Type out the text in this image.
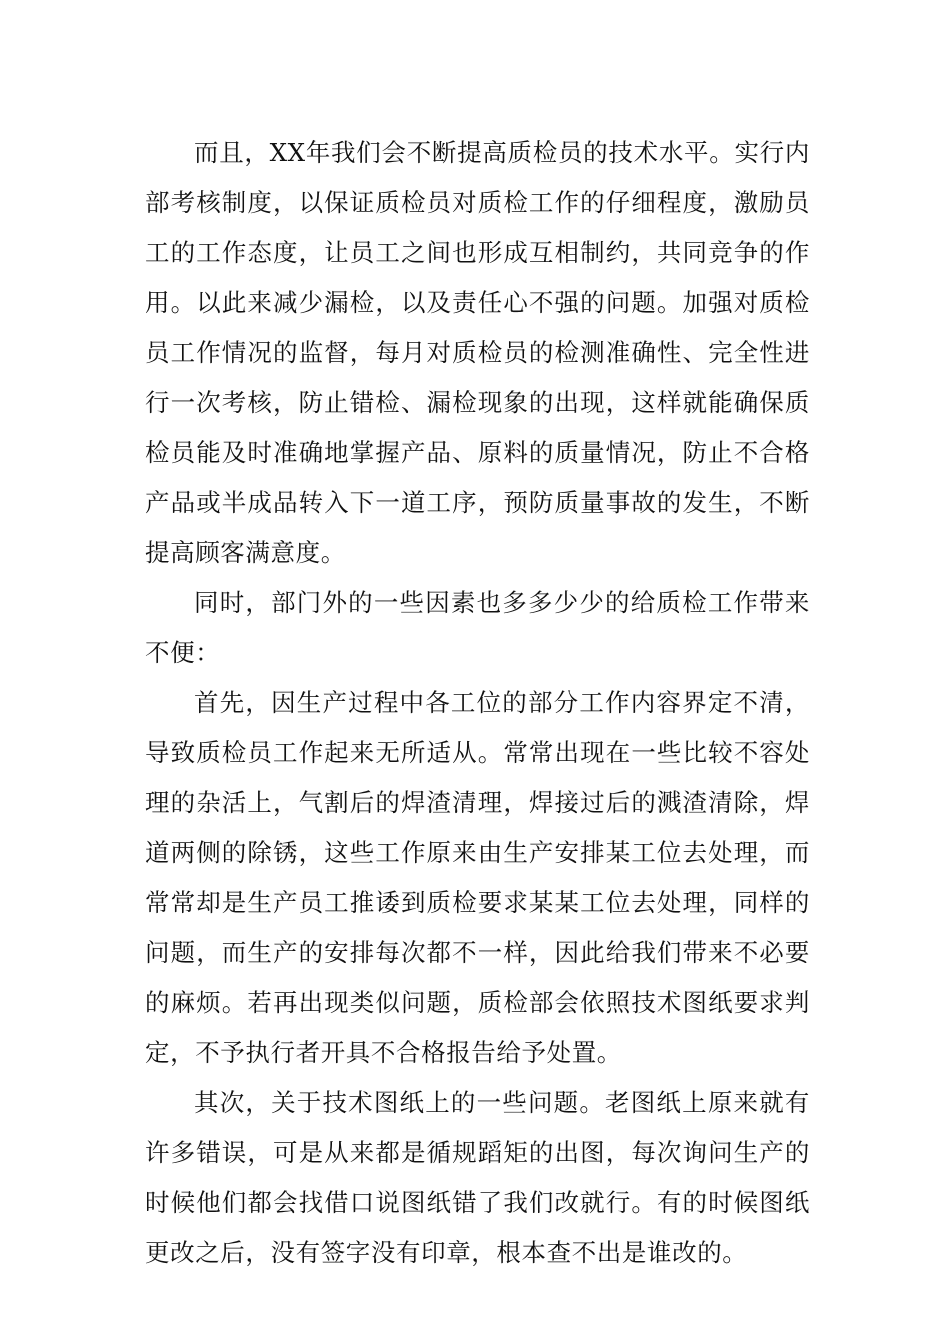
而且，XX年我们会不断提高质检员的技术水平。实行内部考核制度，以保证质检员对质检工作的仔细程度，激励员工的工作态度，让员工之间也形成互相制约，共同竞争的作用。以此来减少漏检，以及责任心不强的问题。加强对质检员工作情况的监督，每月对质检员的检测准确性、完全性进行一次考核，防止错检、漏检现象的出现，这样就能确保质检员能及时准确地掌握产品、原料的质量情况，防止不合格产品或半成品转入下一道工序，预防质量事故的发生，不断提高顾客满意度。

同时，部门外的一些因素也多多少少的给质检工作带来不便：

首先，因生产过程中各工位的部分工作内容界定不清，导致质检员工作起来无所适从。常常出现在一些比较不容处理的杂活上，气割后的焊渣清理，焊接过后的溅渣清除，焊道两侧的除锈，这些工作原来由生产安排某工位去处理，而常常却是生产员工推诿到质检要求某某工位去处理，同样的问题，而生产的安排每次都不一样，因此给我们带来不必要的麻烦。若再出现类似问题，质检部会依照技术图纸要求判定，不予执行者开具不合格报告给予处置。

其次，关于技术图纸上的一些问题。老图纸上原来就有许多错误，可是从来都是循规蹈矩的出图，每次询问生产的时候他们都会找借口说图纸错了我们改就行。有的时候图纸更改之后，没有签字没有印章，根本查不出是谁改的。
